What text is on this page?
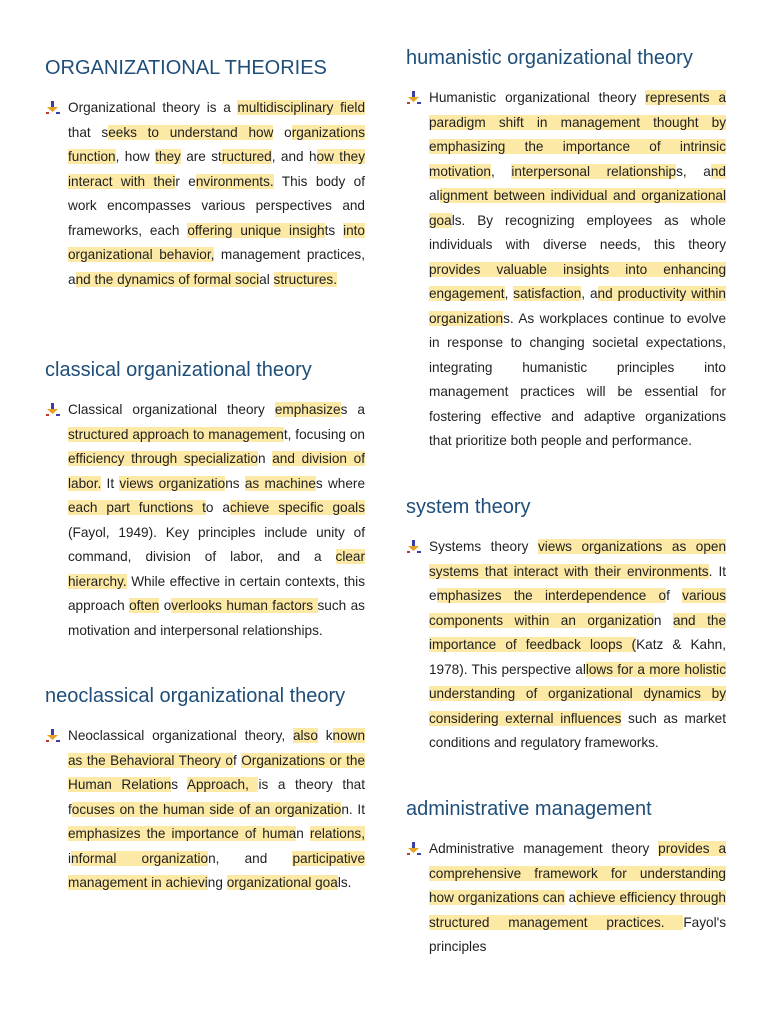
ORGANIZATIONAL THEORIES

Organizational theory is a multidisciplinary field that seeks to understand how organizations function, how they are structured, and how they interact with their environments. This body of work encompasses various perspectives and frameworks, each offering unique insights into organizational behavior, management practices, and the dynamics of formal social structures.

classical organizational theory

Classical organizational theory emphasizes a structured approach to management, focusing on efficiency through specialization and division of labor. It views organizations as machines where each part functions to achieve specific goals (Fayol, 1949). Key principles include unity of command, division of labor, and a clear hierarchy. While effective in certain contexts, this approach often overlooks human factors such as motivation and interpersonal relationships.

neoclassical organizational theory

Neoclassical organizational theory, also known as the Behavioral Theory of Organizations or the Human Relations Approach, is a theory that focuses on the human side of an organization. It emphasizes the importance of human relations, informal organization, and participative management in achieving organizational goals.

humanistic organizational theory

Humanistic organizational theory represents a paradigm shift in management thought by emphasizing the importance of intrinsic motivation, interpersonal relationships, and alignment between individual and organizational goals. By recognizing employees as whole individuals with diverse needs, this theory provides valuable insights into enhancing engagement, satisfaction, and productivity within organizations. As workplaces continue to evolve in response to changing societal expectations, integrating humanistic principles into management practices will be essential for fostering effective and adaptive organizations that prioritize both people and performance.

system theory

Systems theory views organizations as open systems that interact with their environments. It emphasizes the interdependence of various components within an organization and the importance of feedback loops (Katz & Kahn, 1978). This perspective allows for a more holistic understanding of organizational dynamics by considering external influences such as market conditions and regulatory frameworks.

administrative management

Administrative management theory provides a comprehensive framework for understanding how organizations can achieve efficiency through structured management practices. Fayol's principles
